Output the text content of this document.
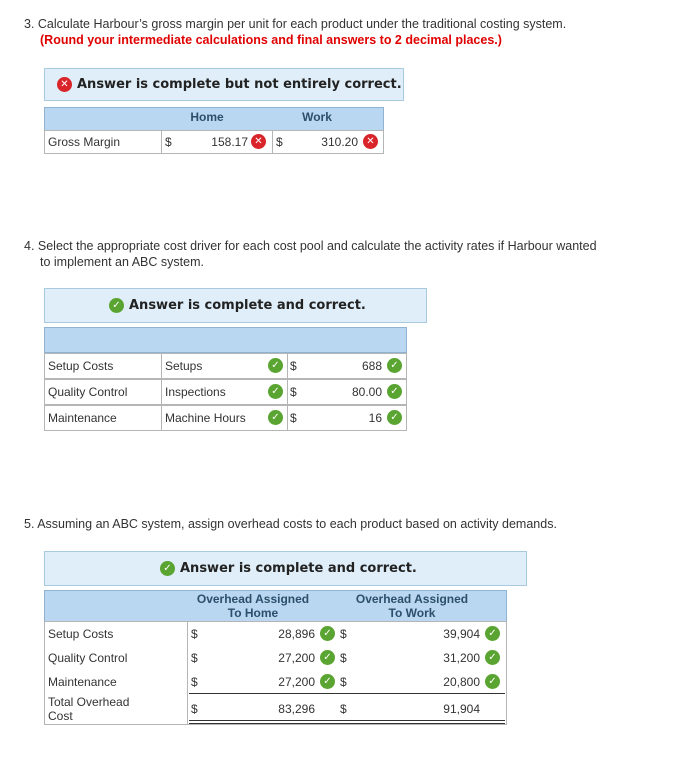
3. Calculate Harbour’s gross margin per unit for each product under the traditional costing system.
(Round your intermediate calculations and final answers to 2 decimal places.)
✕ Answer is complete but not entirely correct.
Home	Work
Gross Margin	$	158.17 ✕ $	310.20 ✕
4. Select the appropriate cost driver for each cost pool and calculate the activity rates if Harbour wanted
to implement an ABC system.
✓ Answer is complete and correct.
Setup Costs	Setups	✓ $	688 ✓
Quality Control	Inspections	✓ $	80.00 ✓
Maintenance	Machine Hours	✓ $	16 ✓
5. Assuming an ABC system, assign overhead costs to each product based on activity demands.
✓ Answer is complete and correct.
Overhead Assigned
To Home
Overhead Assigned
To Work
Setup Costs	$	28,896 ✓ $	39,904 ✓
Quality Control	$	27,200 ✓ $	31,200 ✓
Maintenance	$	27,200 ✓ $	20,800 ✓
Total Overhead
Cost	$	83,296 $	91,904
